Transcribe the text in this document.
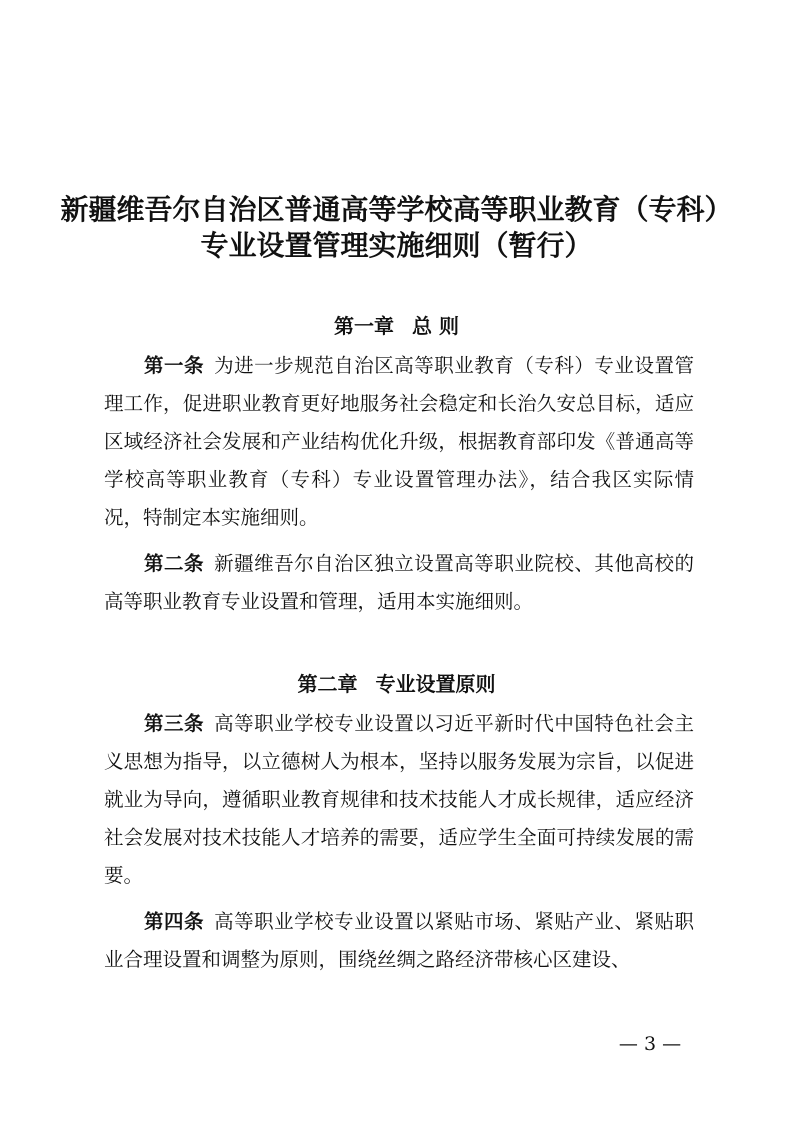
新疆维吾尔自治区普通高等学校高等职业教育（专科）
专业设置管理实施细则（暂行）
第一章 总 则

第一条 为进一步规范自治区高等职业教育（专科）专业设置管理工作，促进职业教育更好地服务社会稳定和长治久安总目标，适应区域经济社会发展和产业结构优化升级，根据教育部印发《普通高等学校高等职业教育（专科）专业设置管理办法》，结合我区实际情况，特制定本实施细则。

第二条 新疆维吾尔自治区独立设置高等职业院校、其他高校的高等职业教育专业设置和管理，适用本实施细则。

第二章 专业设置原则

第三条 高等职业学校专业设置以习近平新时代中国特色社会主义思想为指导，以立德树人为根本，坚持以服务发展为宗旨，以促进就业为导向，遵循职业教育规律和技术技能人才成长规律，适应经济社会发展对技术技能人才培养的需要，适应学生全面可持续发展的需要。

第四条 高等职业学校专业设置以紧贴市场、紧贴产业、紧贴职业合理设置和调整为原则，围绕丝绸之路经济带核心区建设、

— 3 —
